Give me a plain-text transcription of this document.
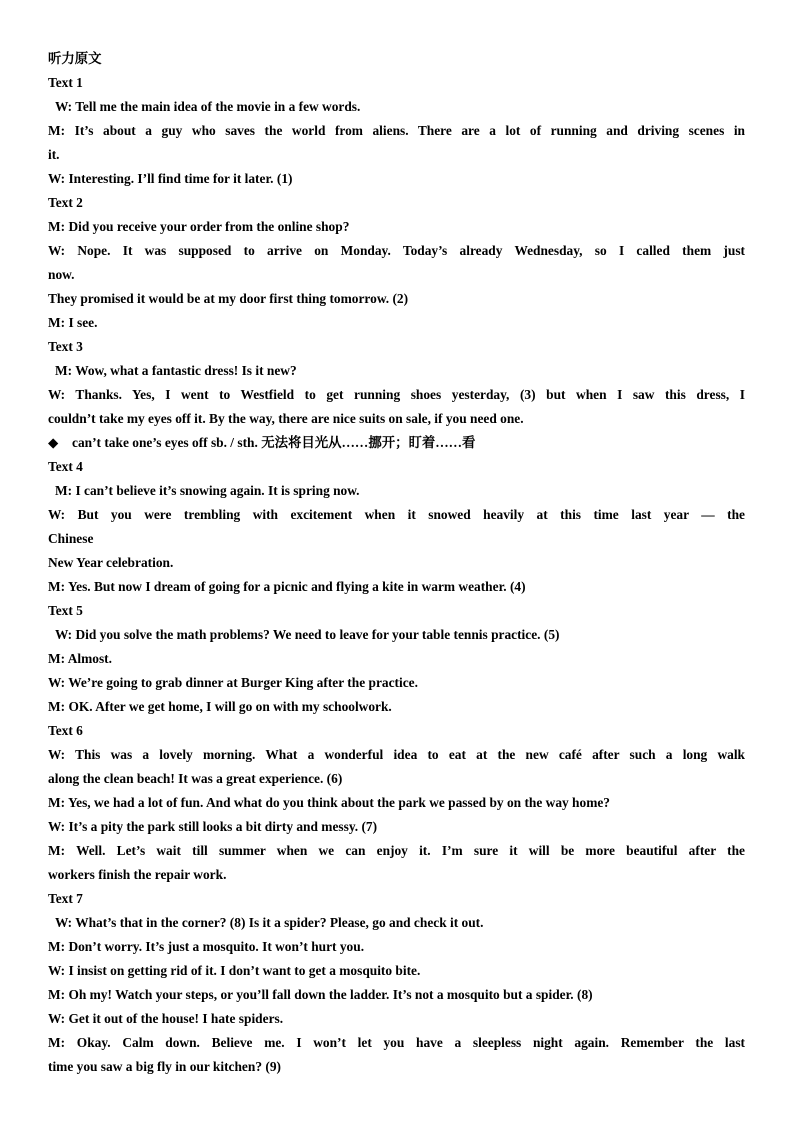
听力原文
Text 1
W: Tell me the main idea of the movie in a few words.
M: It’s about a guy who saves the world from aliens. There are a lot of running and driving scenes in
it.
W: Interesting. I’ll find time for it later. (1)
Text 2
M: Did you receive your order from the online shop?
W: Nope. It was supposed to arrive on Monday. Today’s already Wednesday, so I called them just
now.
They promised it would be at my door first thing tomorrow. (2)
M: I see.
Text 3
M: Wow, what a fantastic dress! Is it new?
W: Thanks. Yes, I went to Westfield to get running shoes yesterday, (3) but when I saw this dress, I
couldn’t take my eyes off it. By the way, there are nice suits on sale, if you need one.
◆ can’t take one’s eyes off sb. / sth. 无法将目光从……挪开；盯着……看
Text 4
M: I can’t believe it’s snowing again. It is spring now.
W: But you were trembling with excitement when it snowed heavily at this time last year — the
Chinese
New Year celebration.
M: Yes. But now I dream of going for a picnic and flying a kite in warm weather. (4)
Text 5
W: Did you solve the math problems? We need to leave for your table tennis practice. (5)
M: Almost.
W: We’re going to grab dinner at Burger King after the practice.
M: OK. After we get home, I will go on with my schoolwork.
Text 6
W: This was a lovely morning. What a wonderful idea to eat at the new café after such a long walk
along the clean beach! It was a great experience. (6)
M: Yes, we had a lot of fun. And what do you think about the park we passed by on the way home?
W: It’s a pity the park still looks a bit dirty and messy. (7)
M: Well. Let’s wait till summer when we can enjoy it. I’m sure it will be more beautiful after the
workers finish the repair work.
Text 7
W: What’s that in the corner? (8) Is it a spider? Please, go and check it out.
M: Don’t worry. It’s just a mosquito. It won’t hurt you.
W: I insist on getting rid of it. I don’t want to get a mosquito bite.
M: Oh my! Watch your steps, or you’ll fall down the ladder. It’s not a mosquito but a spider. (8)
W: Get it out of the house! I hate spiders.
M: Okay. Calm down. Believe me. I won’t let you have a sleepless night again. Remember the last
time you saw a big fly in our kitchen? (9)
